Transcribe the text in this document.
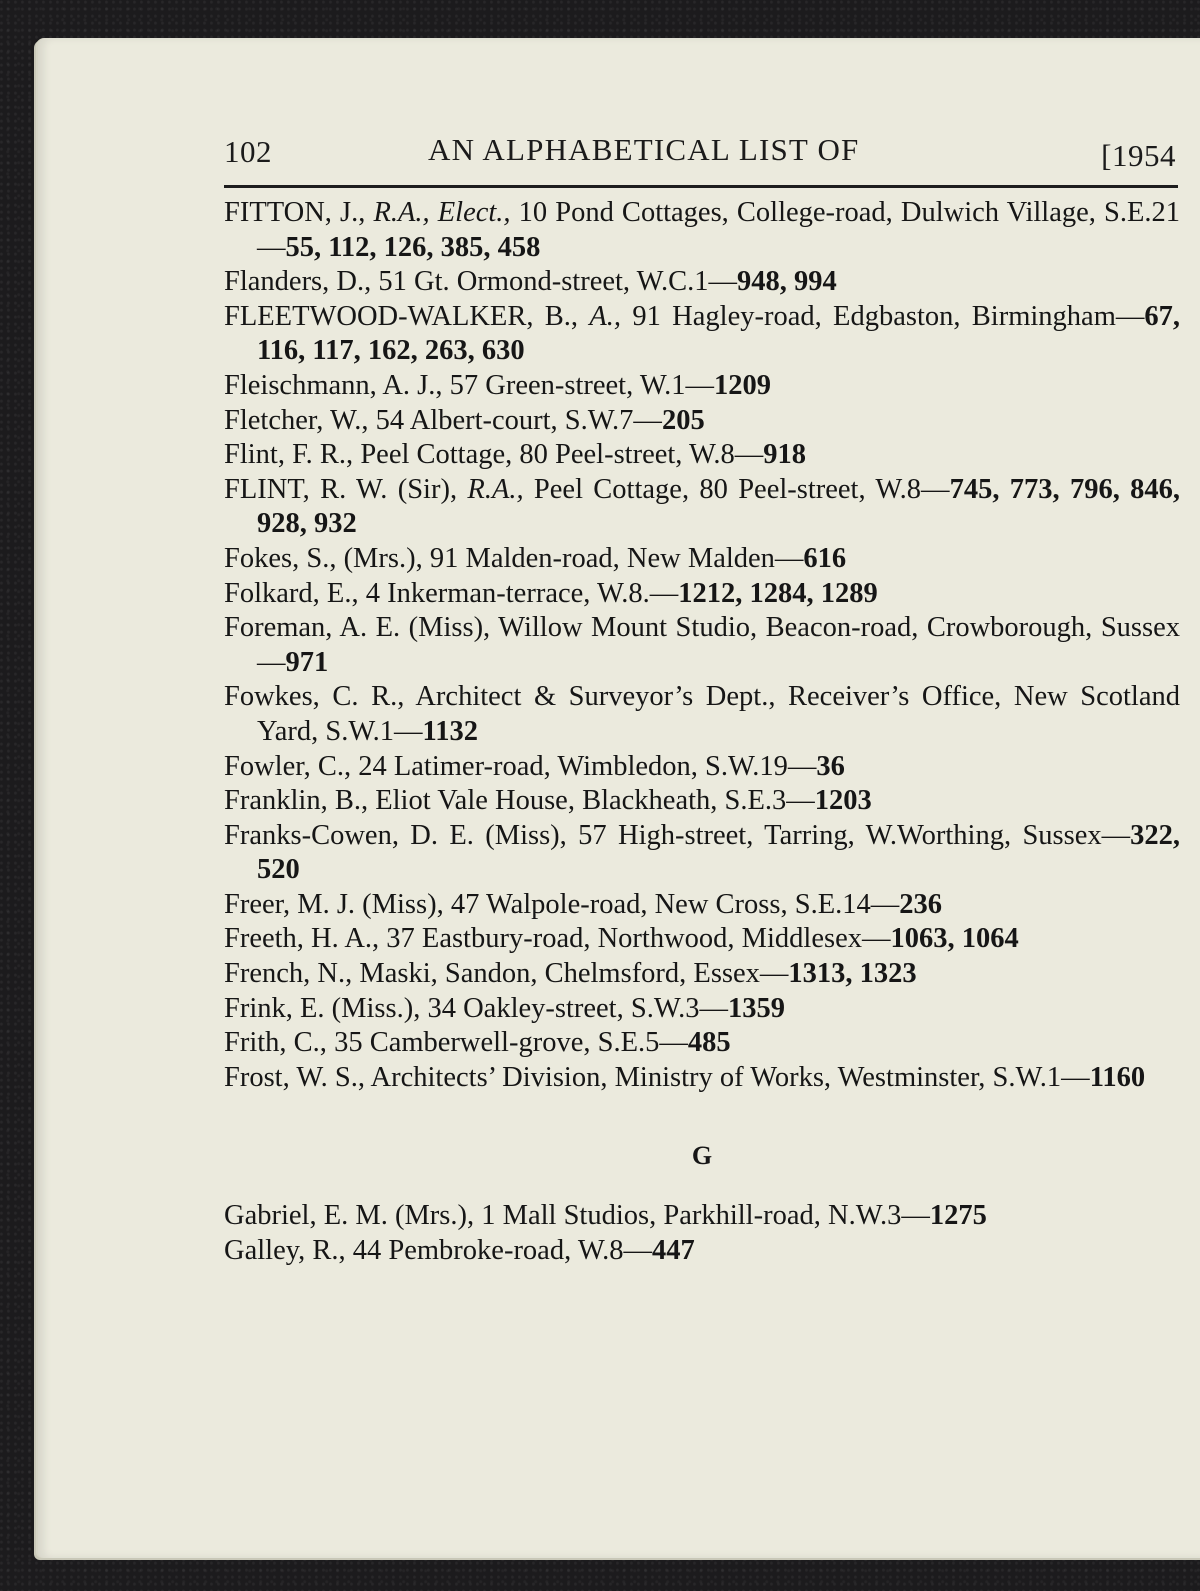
102	AN ALPHABETICAL LIST OF	[1954
FITTON, J., R.A., Elect., 10 Pond Cottages, College-road, Dulwich Village, S.E.21—55, 112, 126, 385, 458
Flanders, D., 51 Gt. Ormond-street, W.C.1—948, 994
FLEETWOOD-WALKER, B., A., 91 Hagley-road, Edgbaston, Birmingham—67, 116, 117, 162, 263, 630
Fleischmann, A. J., 57 Green-street, W.1—1209
Fletcher, W., 54 Albert-court, S.W.7—205
Flint, F. R., Peel Cottage, 80 Peel-street, W.8—918
FLINT, R. W. (Sir), R.A., Peel Cottage, 80 Peel-street, W.8—745, 773, 796, 846, 928, 932
Fokes, S., (Mrs.), 91 Malden-road, New Malden—616
Folkard, E., 4 Inkerman-terrace, W.8.—1212, 1284, 1289
Foreman, A. E. (Miss), Willow Mount Studio, Beacon-road, Crowborough, Sussex—971
Fowkes, C. R., Architect & Surveyor’s Dept., Receiver’s Office, New Scotland Yard, S.W.1—1132
Fowler, C., 24 Latimer-road, Wimbledon, S.W.19—36
Franklin, B., Eliot Vale House, Blackheath, S.E.3—1203
Franks-Cowen, D. E. (Miss), 57 High-street, Tarring, W.Worthing, Sussex—322, 520
Freer, M. J. (Miss), 47 Walpole-road, New Cross, S.E.14—236
Freeth, H. A., 37 Eastbury-road, Northwood, Middlesex—1063, 1064
French, N., Maski, Sandon, Chelmsford, Essex—1313, 1323
Frink, E. (Miss.), 34 Oakley-street, S.W.3—1359
Frith, C., 35 Camberwell-grove, S.E.5—485
Frost, W. S., Architects’ Division, Ministry of Works, Westminster, S.W.1—1160
G
Gabriel, E. M. (Mrs.), 1 Mall Studios, Parkhill-road, N.W.3—1275
Galley, R., 44 Pembroke-road, W.8—447
